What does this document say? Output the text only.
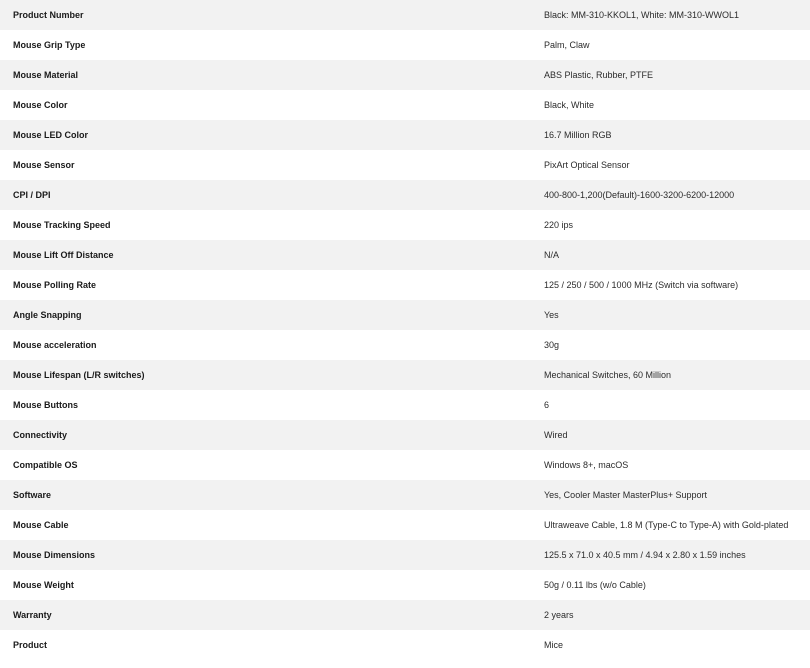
Product Number	Black: MM-310-KKOL1, White: MM-310-WWOL1
Mouse Grip Type	Palm, Claw
Mouse Material	ABS Plastic, Rubber, PTFE
Mouse Color	Black, White
Mouse LED Color	16.7 Million RGB
Mouse Sensor	PixArt Optical Sensor
CPI / DPI	400-800-1,200(Default)-1600-3200-6200-12000
Mouse Tracking Speed	220 ips
Mouse Lift Off Distance	N/A
Mouse Polling Rate	125 / 250 / 500 / 1000 MHz (Switch via software)
Angle Snapping	Yes
Mouse acceleration	30g
Mouse Lifespan (L/R switches)	Mechanical Switches, 60 Million
Mouse Buttons	6
Connectivity	Wired
Compatible OS	Windows 8+, macOS
Software	Yes, Cooler Master MasterPlus+ Support
Mouse Cable	Ultraweave Cable, 1.8 M (Type-C to Type-A) with Gold-plated
Mouse Dimensions	125.5 x 71.0 x 40.5 mm / 4.94 x 2.80 x 1.59 inches
Mouse Weight	50g / 0.11 lbs (w/o Cable)
Warranty	2 years
Product	Mice
